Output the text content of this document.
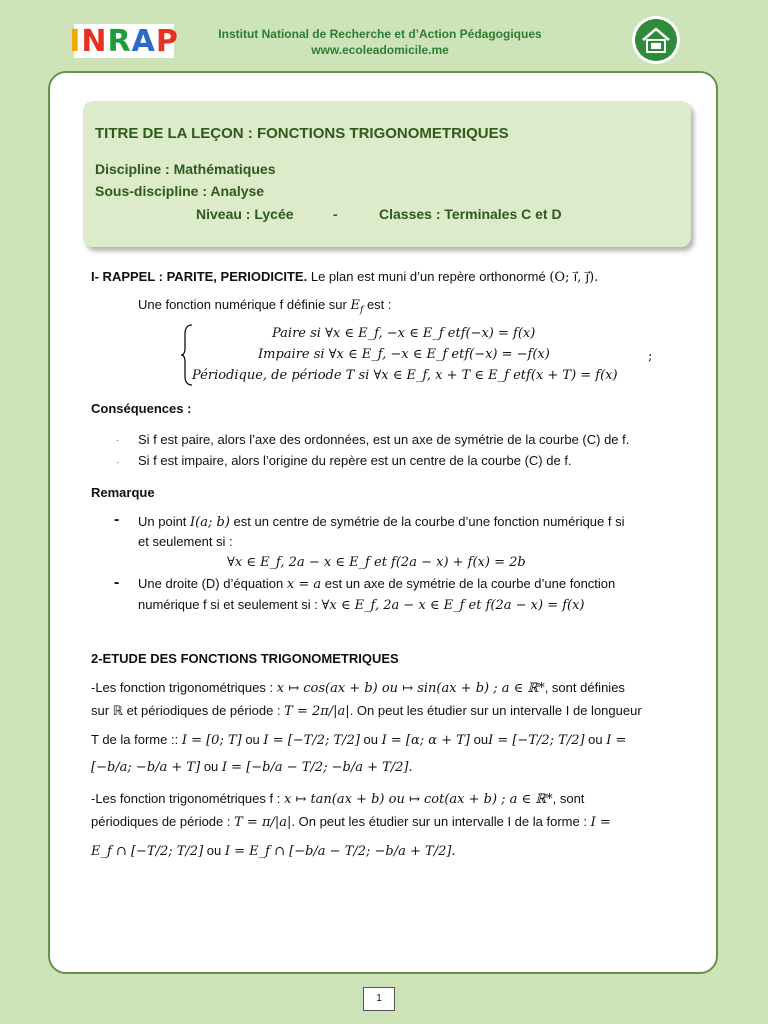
I N R A P	Institut National de Recherche et d’Action Pédagogiques
www.ecoleadomicile.me
TITRE DE LA LEÇON : FONCTIONS TRIGONOMETRIQUES
Discipline : Mathématiques
Sous-discipline : Analyse
Niveau : Lycée	-	Classes : Terminales C et D
I- RAPPEL : PARITE, PERIODICITE. Le plan est muni d’un repère orthonormé (O; i⃗, j⃗).
Une fonction numérique f définie sur $E_f$ est :
Paire si ∀x ∈ E_f, −x ∈ E_f etf(−x) = f(x)
Impaire si ∀x ∈ E_f, −x ∈ E_f etf(−x) = −f(x)
Périodique, de période T si ∀x ∈ E_f, x + T ∈ E_f etf(x + T) = f(x)
;
Conséquences :
· Si f est paire, alors l’axe des ordonnées, est un axe de symétrie de la courbe (C) de f.
· Si f est impaire, alors l’origine du repère est un centre de la courbe (C) de f.
Remarque
- Un point I(a; b) est un centre de symétrie de la courbe d’une fonction numérique f si
et seulement si :
∀x ∈ E_f, 2a − x ∈ E_f et f(2a − x) + f(x) = 2b
- Une droite (D) d’équation x = a est un axe de symétrie de la courbe d’une fonction
numérique f si et seulement si : ∀x ∈ E_f, 2a − x ∈ E_f et f(2a − x) = f(x)
2-ETUDE DES FONCTIONS TRIGONOMETRIQUES
-Les fonction trigonométriques : x ↦ cos(ax + b) ou ↦ sin(ax + b) ; a ∈ ℝ*, sont définies
sur ℝ et périodiques de période : T = 2π/|a|. On peut les étudier sur un intervalle I de longueur
T de la forme :: I = [0; T] ou I = [−T/2; T/2] ou I = [α; α + T] ouI = [−T/2; T/2] ou I =
[−b/a; −b/a + T] ou I = [−b/a − T/2; −b/a + T/2].
-Les fonction trigonométriques f : x ↦ tan(ax + b) ou ↦ cot(ax + b) ; a ∈ ℝ*, sont
périodiques de période : T = π/|a|. On peut les étudier sur un intervalle I de la forme : I =
E_f ∩ [−T/2; T/2] ou I = E_f ∩ [−b/a − T/2; −b/a + T/2].
1
